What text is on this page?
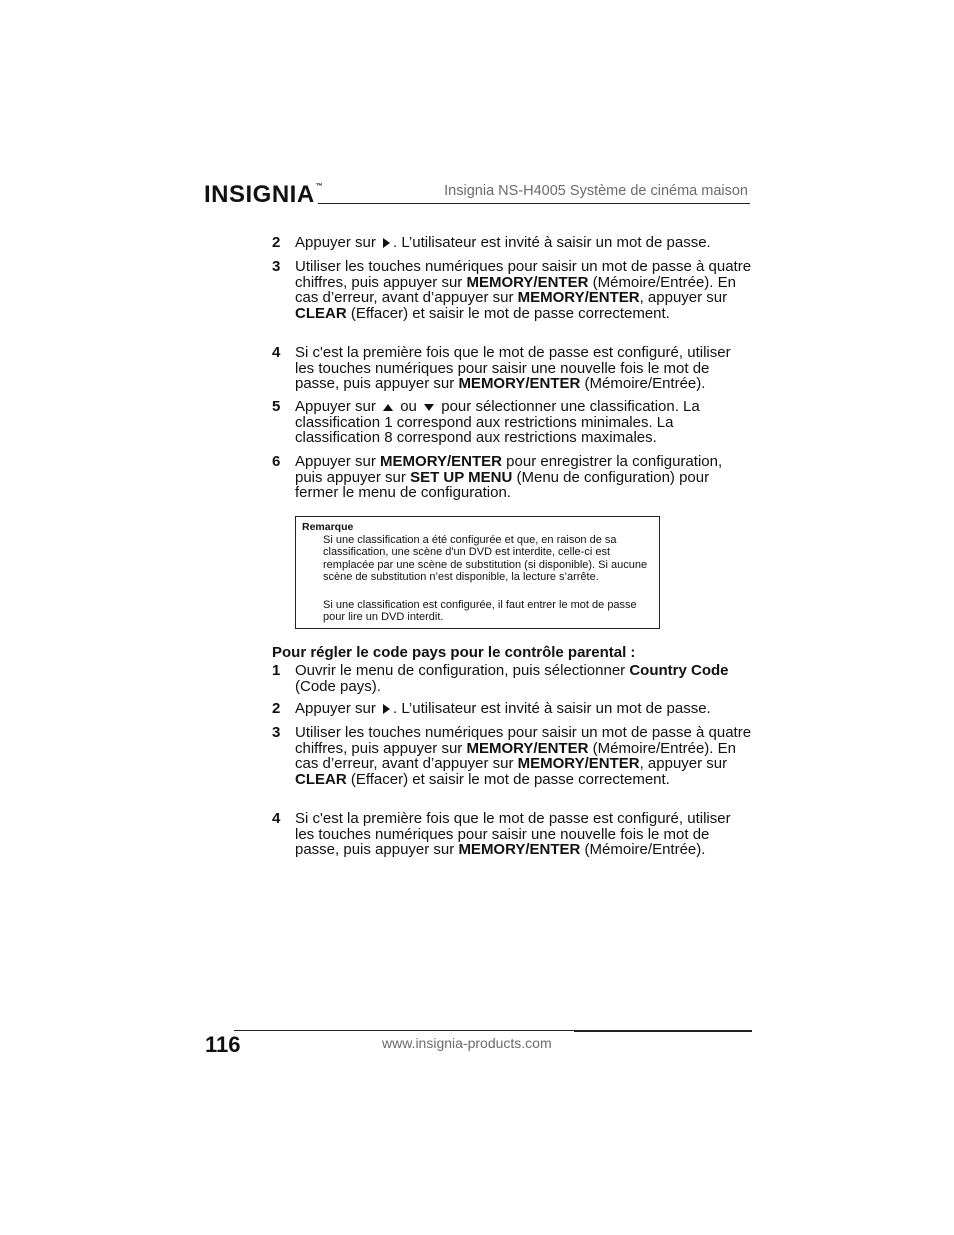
INSIGNIA™	Insignia NS-H4005 Système de cinéma maison
2 Appuyer sur . L’utilisateur est invité à saisir un mot de passe.
3 Utiliser les touches numériques pour saisir un mot de passe à quatre chiffres, puis appuyer sur MEMORY/ENTER (Mémoire/Entrée). En cas d’erreur, avant d’appuyer sur MEMORY/ENTER, appuyer sur CLEAR (Effacer) et saisir le mot de passe correctement.
4 Si c'est la première fois que le mot de passe est configuré, utiliser les touches numériques pour saisir une nouvelle fois le mot de passe, puis appuyer sur MEMORY/ENTER (Mémoire/Entrée).
5 Appuyer sur ou pour sélectionner une classification. La classification 1 correspond aux restrictions minimales. La classification 8 correspond aux restrictions maximales.
6 Appuyer sur MEMORY/ENTER pour enregistrer la configuration, puis appuyer sur SET UP MENU (Menu de configuration) pour fermer le menu de configuration.
Remarque
Si une classification a été configurée et que, en raison de sa classification, une scène d'un DVD est interdite, celle-ci est remplacée par une scène de substitution (si disponible). Si aucune scène de substitution n’est disponible, la lecture s’arrête.
Si une classification est configurée, il faut entrer le mot de passe pour lire un DVD interdit.
Pour régler le code pays pour le contrôle parental :
1 Ouvrir le menu de configuration, puis sélectionner Country Code (Code pays).
2 Appuyer sur . L’utilisateur est invité à saisir un mot de passe.
3 Utiliser les touches numériques pour saisir un mot de passe à quatre chiffres, puis appuyer sur MEMORY/ENTER (Mémoire/Entrée). En cas d’erreur, avant d’appuyer sur MEMORY/ENTER, appuyer sur CLEAR (Effacer) et saisir le mot de passe correctement.
4 Si c'est la première fois que le mot de passe est configuré, utiliser les touches numériques pour saisir une nouvelle fois le mot de passe, puis appuyer sur MEMORY/ENTER (Mémoire/Entrée).
116	www.insignia-products.com
